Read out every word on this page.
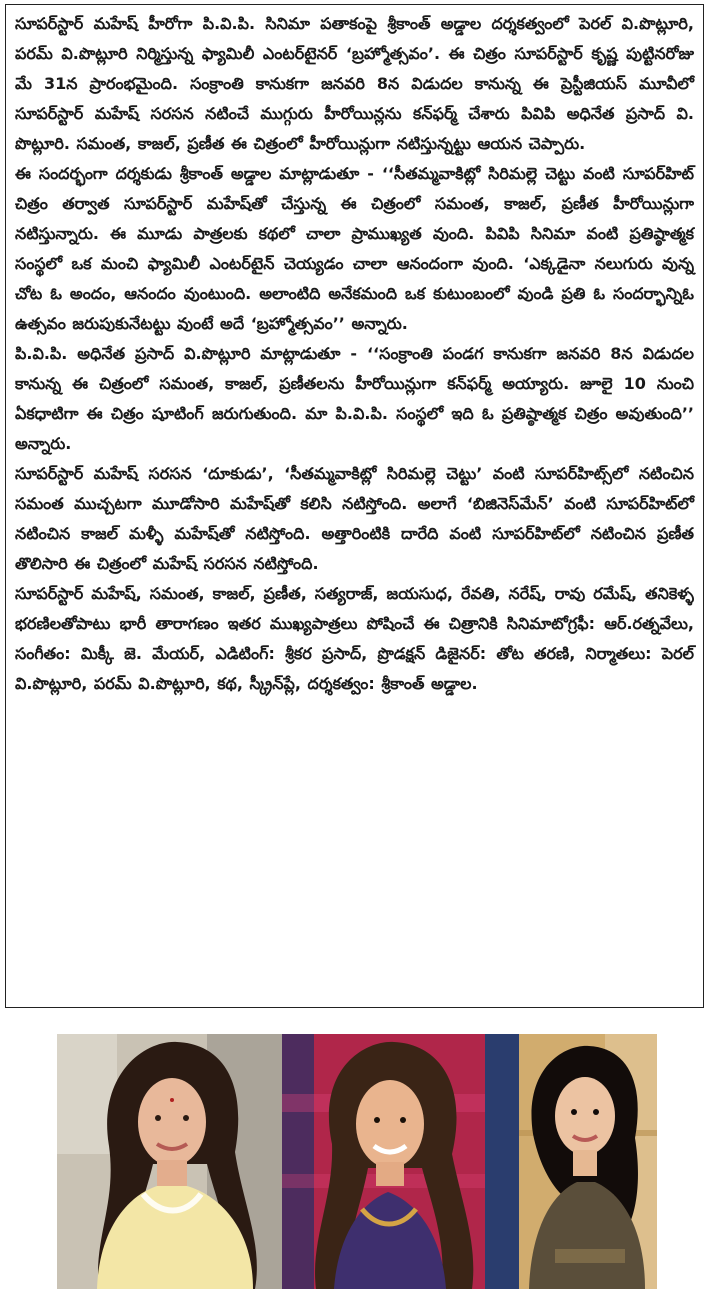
సూపర్‌స్టార్‌ మహేష్‌ హీరోగా పి.వి.పి. సినిమా పతాకంపై శ్రీకాంత్‌ అడ్డాల దర్శకత్వంలో పెరల్‌ వి.పొట్లూరి, పరమ్‌ వి.పొట్లూరి నిర్మిస్తున్న ఫ్యామిలీ ఎంటర్‌టైనర్‌ ‘బ్రహ్మోత్సవం’. ఈ చిత్రం సూపర్‌స్టార్‌ కృష్ణ పుట్టినరోజు మే 31న ప్రారంభమైంది. సంక్రాంతి కానుకగా జనవరి 8న విడుదల కానున్న ఈ ప్రెస్టీజియస్‌ మూవీలో సూపర్‌స్టార్‌ మహేష్‌ సరసన నటించే ముగ్గురు హీరోయిన్లను కన్‌ఫర్మ్‌ చేశారు పివిపి అధినేత ప్రసాద్‌ వి. పొట్లూరి. సమంత, కాజల్‌, ప్రణీత ఈ చిత్రంలో హీరోయిన్లుగా నటిస్తున్నట్టు ఆయన చెప్పారు.

ఈ సందర్భంగా దర్శకుడు శ్రీకాంత్‌ అడ్డాల మాట్లాడుతూ - ‘‘సీతమ్మవాకిట్లో సిరిమల్లె చెట్టు వంటి సూపర్‌హిట్‌ చిత్రం తర్వాత సూపర్‌స్టార్‌ మహేష్‌తో చేస్తున్న ఈ చిత్రంలో సమంత, కాజల్‌, ప్రణీత హీరోయిన్లుగా నటిస్తున్నారు. ఈ మూడు పాత్రలకు కథలో చాలా ప్రాముఖ్యత వుంది. పివిపి సినిమా వంటి ప్రతిష్ఠాత్మక సంస్థలో ఒక మంచి ఫ్యామిలీ ఎంటర్‌టైన్‌ చెయ్యడం చాలా ఆనందంగా వుంది. ‘ఎక్కడైనా నలుగురు వున్న చోట ఓ అందం, ఆనందం వుంటుంది. అలాంటిది అనేకమంది ఒక కుటుంబంలో వుండి ప్రతి ఓ సందర్భాన్నిఓ ఉత్సవం జరుపుకునేటట్టు వుంటే అదే ‘బ్రహ్మోత్సవం’’ అన్నారు.

పి.వి.పి. అధినేత ప్రసాద్‌ వి.పొట్లూరి మాట్లాడుతూ - ‘‘సంక్రాంతి పండగ కానుకగా జనవరి 8న విడుదల కానున్న ఈ చిత్రంలో సమంత, కాజల్‌, ప్రణీతలను హీరోయిన్లుగా కన్‌ఫర్మ్‌ అయ్యారు. జూలై 10 నుంచి ఏకధాటిగా ఈ చిత్రం షూటింగ్‌ జరుగుతుంది. మా పి.వి.పి. సంస్థలో ఇది ఓ ప్రతిష్ఠాత్మక చిత్రం అవుతుంది’’ అన్నారు.

సూపర్‌స్టార్‌ మహేష్‌ సరసన ‘దూకుడు’, ‘సీతమ్మవాకిట్లో సిరిమల్లె చెట్టు’ వంటి సూపర్‌హిట్స్‌లో నటించిన సమంత ముచ్చటగా మూడోసారి మహేష్‌తో కలిసి నటిస్తోంది. అలాగే ‘బిజినెస్‌మేన్‌’ వంటి సూపర్‌హిట్‌లో నటించిన కాజల్‌ మళ్ళీ మహేష్‌తో నటిస్తోంది. అత్తారింటికి దారేది వంటి సూపర్‌హిట్‌లో నటించిన ప్రణీత తొలిసారి ఈ చిత్రంలో మహేష్‌ సరసన నటిస్తోంది.

సూపర్‌స్టార్‌ మహేష్‌, సమంత, కాజల్‌, ప్రణీత, సత్యరాజ్‌, జయసుధ, రేవతి, నరేష్‌, రావు రమేష్‌, తనికెళ్ళ భరణిలతోపాటు భారీ తారాగణం ఇతర ముఖ్యపాత్రలు పోషించే ఈ చిత్రానికి సినిమాటోగ్రఫీ: ఆర్‌.రత్నవేలు, సంగీతం: మిక్కీ జె. మేయర్‌, ఎడిటింగ్‌: శ్రీకర ప్రసాద్‌, ప్రొడక్షన్‌ డిజైనర్‌: తోట తరణి, నిర్మాతలు: పెరల్‌ వి.పొట్లూరి, పరమ్‌ వి.పొట్లూరి, కథ, స్క్రీన్‌ప్లే, దర్శకత్వం: శ్రీకాంత్‌ అడ్డాల.
